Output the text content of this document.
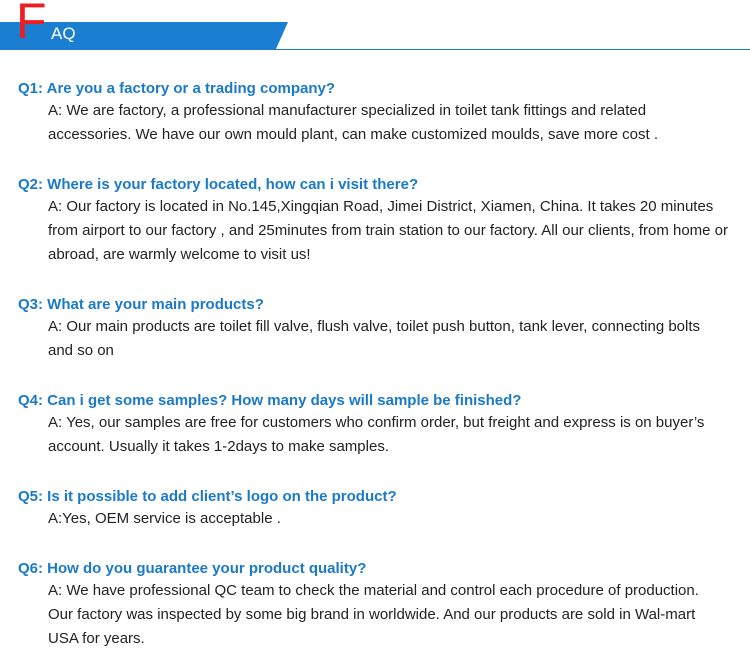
F AQ
Q1: Are you a factory or a trading company?
A: We are factory, a professional manufacturer specialized in toilet tank fittings and related accessories. We have our own mould plant, can make customized moulds, save more cost .
Q2: Where is your factory located, how can i visit there?
A: Our factory is located in No.145,Xingqian Road, Jimei District, Xiamen, China. It takes 20 minutes from airport to our factory , and 25minutes from train station to our factory. All our clients, from home or abroad, are warmly welcome to visit us!
Q3: What are your main products?
A: Our main products are toilet fill valve, flush valve, toilet push button, tank lever, connecting bolts and so on
Q4: Can i get some samples? How many days will sample be finished?
A: Yes, our samples are free for customers who confirm order, but freight and express is on buyer’s account. Usually it takes 1-2days to make samples.
Q5: Is it possible to add client’s logo on the product?
A:Yes, OEM service is acceptable .
Q6: How do you guarantee your product quality?
A: We have professional QC team to check the material and control each procedure of production. Our factory was inspected by some big brand in worldwide. And our products are sold in Wal-mart USA for years.
